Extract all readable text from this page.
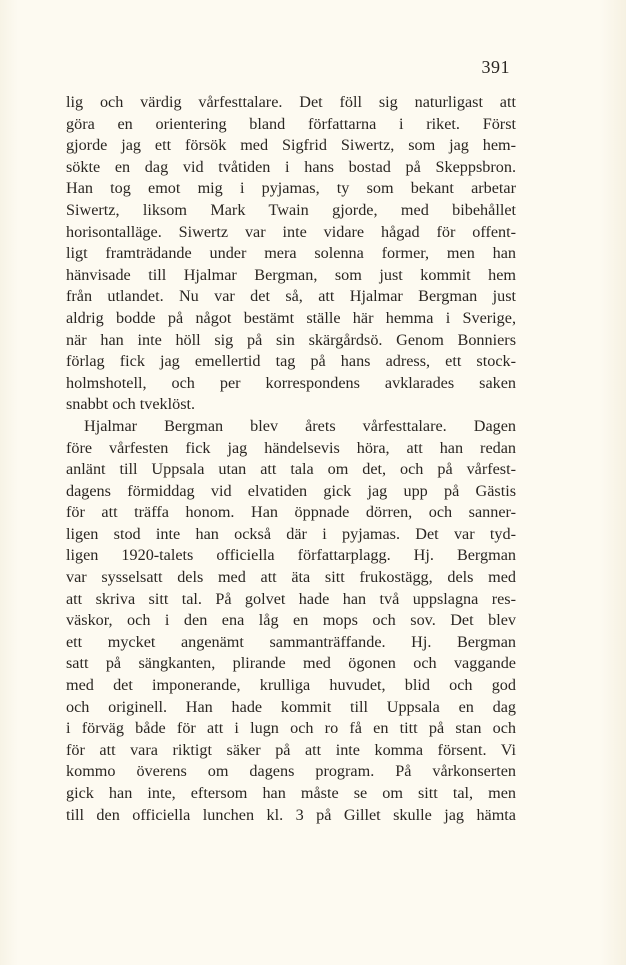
391
lig och värdig vårfesttalare. Det föll sig naturligast att
göra en orientering bland författarna i riket. Först
gjorde jag ett försök med Sigfrid Siwertz, som jag hem-
sökte en dag vid tvåtiden i hans bostad på Skeppsbron.
Han tog emot mig i pyjamas, ty som bekant arbetar
Siwertz, liksom Mark Twain gjorde, med bibehållet
horisontalläge. Siwertz var inte vidare hågad för offent-
ligt framträdande under mera solenna former, men han
hänvisade till Hjalmar Bergman, som just kommit hem
från utlandet. Nu var det så, att Hjalmar Bergman just
aldrig bodde på något bestämt ställe här hemma i Sverige,
när han inte höll sig på sin skärgårdsö. Genom Bonniers
förlag fick jag emellertid tag på hans adress, ett stock-
holmshotell, och per korrespondens avklarades saken
snabbt och tveklöst.
Hjalmar Bergman blev årets vårfesttalare. Dagen
före vårfesten fick jag händelsevis höra, att han redan
anlänt till Uppsala utan att tala om det, och på vårfest-
dagens förmiddag vid elvatiden gick jag upp på Gästis
för att träffa honom. Han öppnade dörren, och sanner-
ligen stod inte han också där i pyjamas. Det var tyd-
ligen 1920-talets officiella författarplagg. Hj. Bergman
var sysselsatt dels med att äta sitt frukostägg, dels med
att skriva sitt tal. På golvet hade han två uppslagna res-
väskor, och i den ena låg en mops och sov. Det blev
ett mycket angenämt sammanträffande. Hj. Bergman
satt på sängkanten, plirande med ögonen och vaggande
med det imponerande, krulliga huvudet, blid och god
och originell. Han hade kommit till Uppsala en dag
i förväg både för att i lugn och ro få en titt på stan och
för att vara riktigt säker på att inte komma försent. Vi
kommo överens om dagens program. På vårkonserten
gick han inte, eftersom han måste se om sitt tal, men
till den officiella lunchen kl. 3 på Gillet skulle jag hämta
